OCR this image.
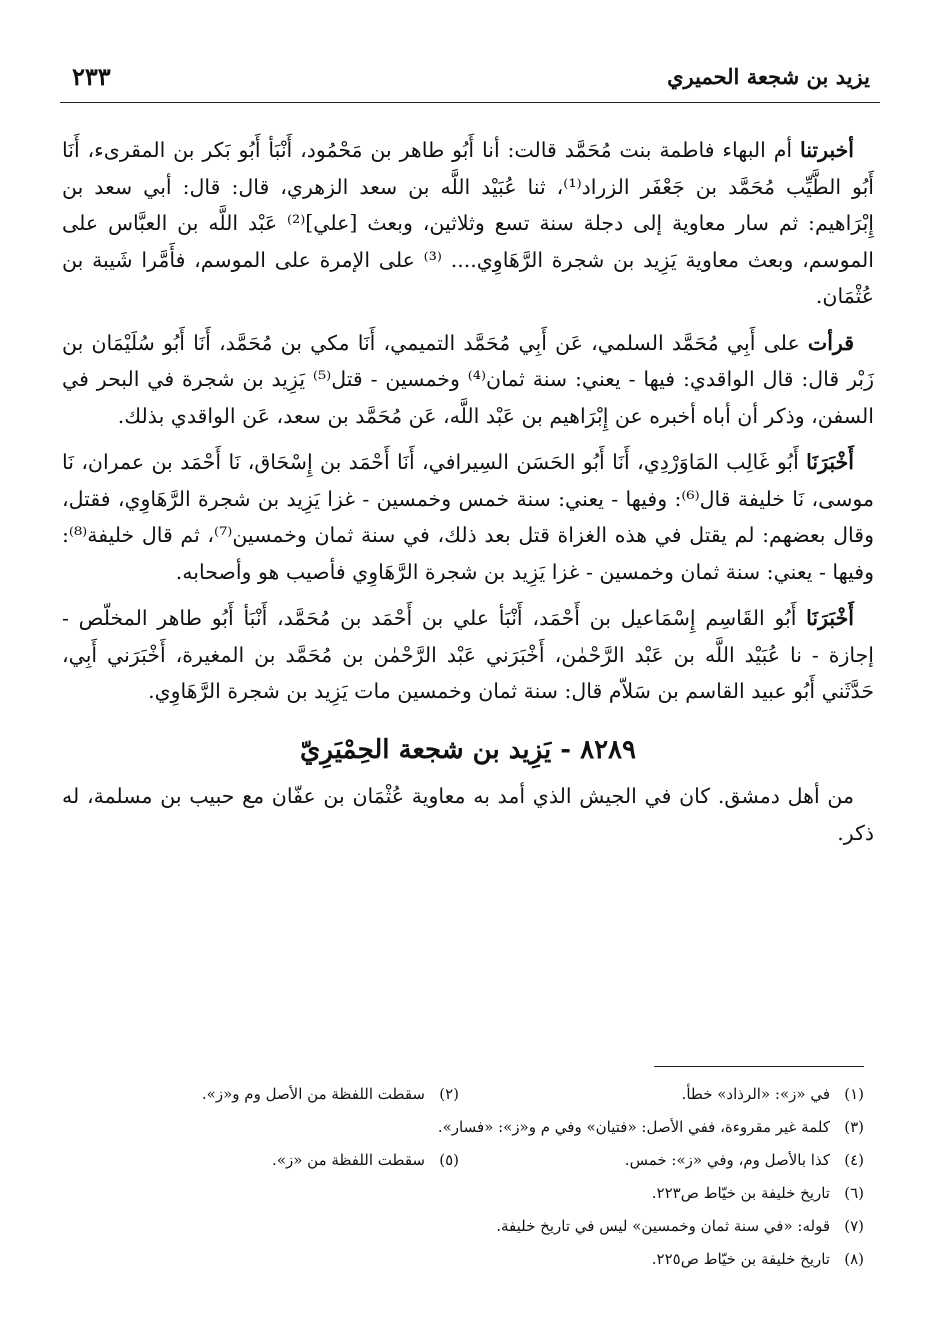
يزيد بن شجعة الحميري
٢٣٣

أخبرتنا أم البهاء فاطمة بنت مُحَمَّد قالت: أنا أَبُو طاهر بن مَحْمُود، أَنْبَأ أَبُو بَكر بن المقرىء، أَنَا أَبُو الطَّيِّب مُحَمَّد بن جَعْفَر الزراد⁽¹⁾، ثنا عُبَيْد اللَّه بن سعد الزهري، قال: قال: أبي سعد بن إِبْرَاهيم: ثم سار معاوية إلى دجلة سنة تسع وثلاثين، وبعث [علي]⁽²⁾ عَبْد اللَّه بن العبَّاس على الموسم، وبعث معاوية يَزِيد بن شجرة الرَّهَاوِي.... ⁽³⁾ على الإمرة على الموسم، فأَمَّرا شَيبة بن عُثْمَان.

قرأت على أَبِي مُحَمَّد السلمي، عَن أَبِي مُحَمَّد التميمي، أَنَا مكي بن مُحَمَّد، أَنَا أَبُو سُلَيْمَان بن زَبْر قال: قال الواقدي: فيها - يعني: سنة ثمان⁽⁴⁾ وخمسين - قتل⁽⁵⁾ يَزِيد بن شجرة في البحر في السفن، وذكر أن أباه أخبره عن إِبْرَاهيم بن عَبْد اللَّه، عَن مُحَمَّد بن سعد، عَن الواقدي بذلك.

أَخْبَرَنَا أَبُو غَالِب المَاوَرْدِي، أَنَا أَبُو الحَسَن السِيرافي، أَنَا أَحْمَد بن إِسْحَاق، نَا أَحْمَد بن عمران، نَا موسى، نَا خليفة قال⁽⁶⁾: وفيها - يعني: سنة خمس وخمسين - غزا يَزِيد بن شجرة الرَّهَاوِي، فقتل، وقال بعضهم: لم يقتل في هذه الغزاة قتل بعد ذلك، في سنة ثمان وخمسين⁽⁷⁾، ثم قال خليفة⁽⁸⁾: وفيها - يعني: سنة ثمان وخمسين - غزا يَزِيد بن شجرة الرَّهَاوِي فأصيب هو وأصحابه.

أَخْبَرَنَا أَبُو القَاسِم إِسْمَاعيل بن أَحْمَد، أَنْبَأ علي بن أَحْمَد بن مُحَمَّد، أَنْبَأ أَبُو طاهر المخلّص - إجازة - نا عُبَيْد اللَّه بن عَبْد الرَّحْمٰن، أَخْبَرَني عَبْد الرَّحْمٰن بن مُحَمَّد بن المغيرة، أَخْبَرَني أَبِي، حَدَّثَني أَبُو عبيد القاسم بن سَلاّم قال: سنة ثمان وخمسين مات يَزِيد بن شجرة الرَّهَاوِي.

٨٢٨٩ - يَزِيد بن شجعة الحِمْيَرِيّ

من أهل دمشق. كان في الجيش الذي أمد به معاوية عُثْمَان بن عفّان مع حبيب بن مسلمة، له ذكر.

(١)في «ز»: «الرذاد» خطأ.
(٢)سقطت اللفظة من الأصل وم و«ز».
(٣)كلمة غير مقروءة، ففي الأصل: «فتيان» وفي م و«ز»: «فسار».
(٤)كذا بالأصل وم، وفي «ز»: خمس.
(٥)سقطت اللفظة من «ز».
(٦)تاريخ خليفة بن خيّاط ص٢٢٣.
(٧)قوله: «في سنة ثمان وخمسين» ليس في تاريخ خليفة.
(٨)تاريخ خليفة بن خيّاط ص٢٢٥.
